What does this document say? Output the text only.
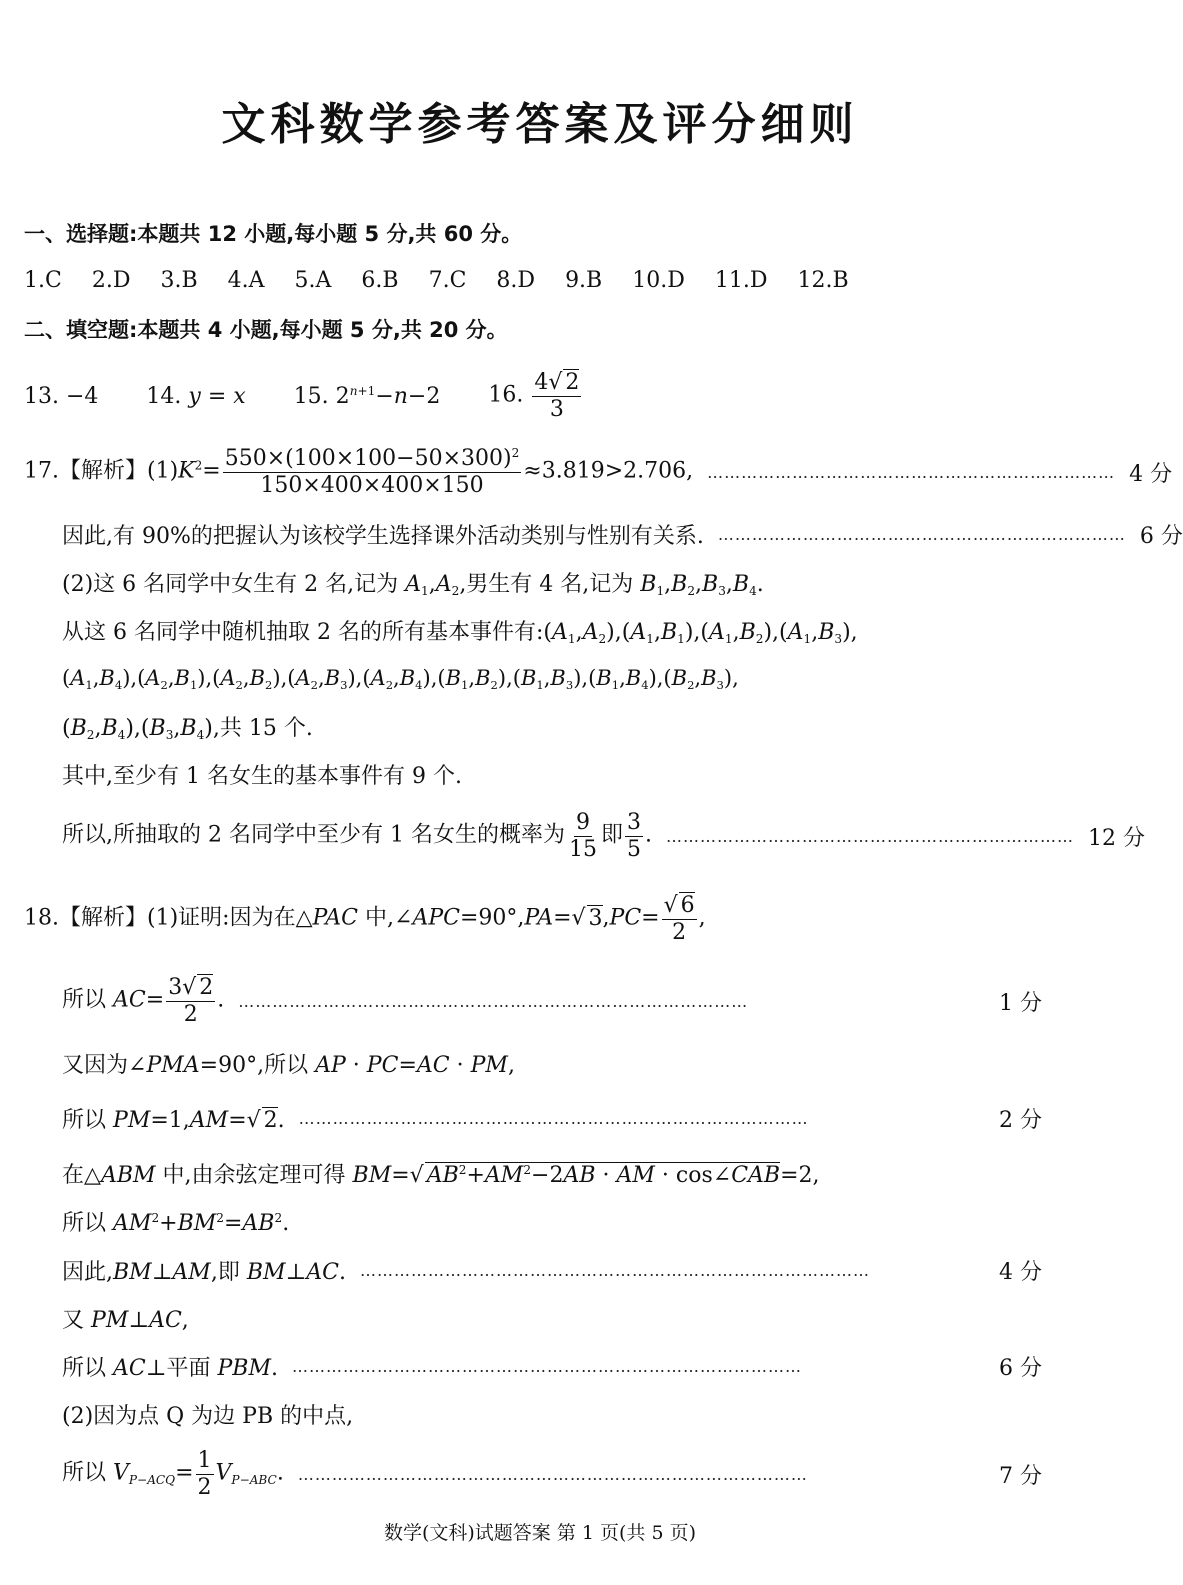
文科数学参考答案及评分细则
一、选择题:本题共 12 小题,每小题 5 分,共 60 分。
1.C 2.D 3.B 4.A 5.A 6.B 7.C 8.D 9.B 10.D 11.D 12.B
二、填空题:本题共 4 小题,每小题 5 分,共 20 分。
13. −4 14. y = x 15. $2^{n+1}-n-2$ 16. $\frac{4√ 2}{3}$
17.【解析】$(1)K^2= \frac{550\times(100\times 100-50\times 300)^2}{150\times 400\times 400\times 150} \approx 3.819>2.706$, ……………………………………………………………… 4 分
因此,有 90%的把握认为该校学生选择课外活动类别与性别有关系. ……………………………………………………………… 6 分
(2)这 6 名同学中女生有 2 名,记为 $A_1,A_2$,男生有 4 名,记为 $B_1,B_2,B_3,B_4$.
从这 6 名同学中随机抽取 2 名的所有基本事件有$:(A_1,A_2),(A_1,B_1),(A_1,B_2),(A_1,B_3)$,
$(A_1,B_4),(A_2,B_1),(A_2,B_2),(A_2,B_3),(A_2,B_4),(B_1,B_2),(B_1,B_3),(B_1,B_4),(B_2,B_3)$,
$(B_2,B_4),(B_3,B_4)$,共 15 个.
其中,至少有 1 名女生的基本事件有 9 个.
所以,所抽取的 2 名同学中至少有 1 名女生的概率为 $\frac{9}{15}$ 即 $\frac{3}{5}$ . ……………………………………………………………… 12 分
18.【解析】(1)证明:因为在△PAC 中,∠APC=90°,PA=√ $3,PC= \frac{√ 6}{2}$ ,
所以 $AC= \frac{3√ 2}{2}$ . ………………………………………………………………………………	1 分
又因为∠PMA=90°,所以 AP · PC=AC · PM,
所以 PM=1,AM=√ 2. ………………………………………………………………………………	2 分
在△ABM 中,由余弦定理可得 BM=√ $AB^2+AM^2-2AB$ · AM · cos∠CAB=2,
所以 $AM^2+BM^2=AB^2$.
因此,BM⊥AM,即 BM⊥AC. ………………………………………………………………………………	4 分
又 PM⊥AC,
所以 AC⊥平面 PBM. ………………………………………………………………………………	6 分
(2)因为点 Q 为边 PB 的中点,
所以 $V_{P-ACQ}= \frac{1}{2} V_{P-ABC}$. ………………………………………………………………………………	7 分
数学(文科)试题答案 第 1 页(共 5 页)
